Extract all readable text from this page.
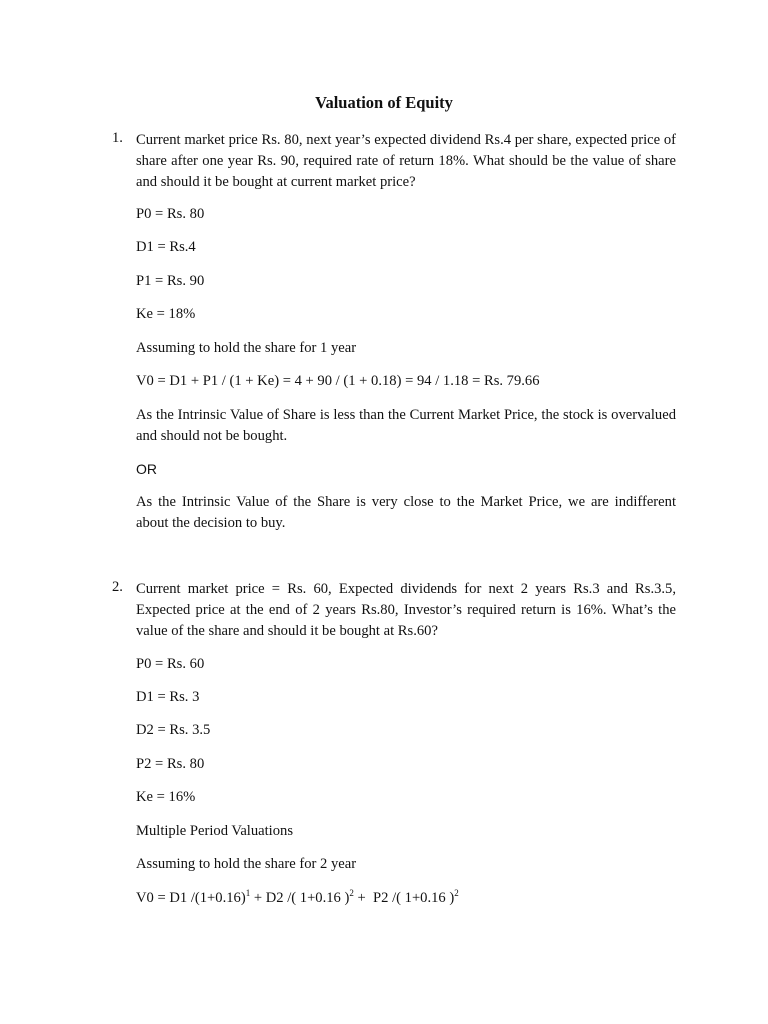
Valuation of Equity
1. Current market price Rs. 80, next year’s expected dividend Rs.4 per share, expected price of share after one year Rs. 90, required rate of return 18%. What should be the value of share and should it be bought at current market price?
P0 = Rs. 80
D1 = Rs.4
P1 = Rs. 90
Ke = 18%
Assuming to hold the share for 1 year
V0 = D1 + P1 / (1 + Ke) = 4 + 90 / (1 + 0.18) = 94 / 1.18 = Rs. 79.66
As the Intrinsic Value of Share is less than the Current Market Price, the stock is overvalued and should not be bought.
OR
As the Intrinsic Value of the Share is very close to the Market Price, we are indifferent about the decision to buy.
2. Current market price = Rs. 60, Expected dividends for next 2 years Rs.3 and Rs.3.5, Expected price at the end of 2 years Rs.80, Investor’s required return is 16%. What’s the value of the share and should it be bought at Rs.60?
P0 = Rs. 60
D1 = Rs. 3
D2 = Rs. 3.5
P2 = Rs. 80
Ke = 16%
Multiple Period Valuations
Assuming to hold the share for 2 year
V0 = D1 $/(1+0.16)^1 + D2$ /( 1+0.16 )$^2$ +  P2 /( 1+0.16 )$^2$
